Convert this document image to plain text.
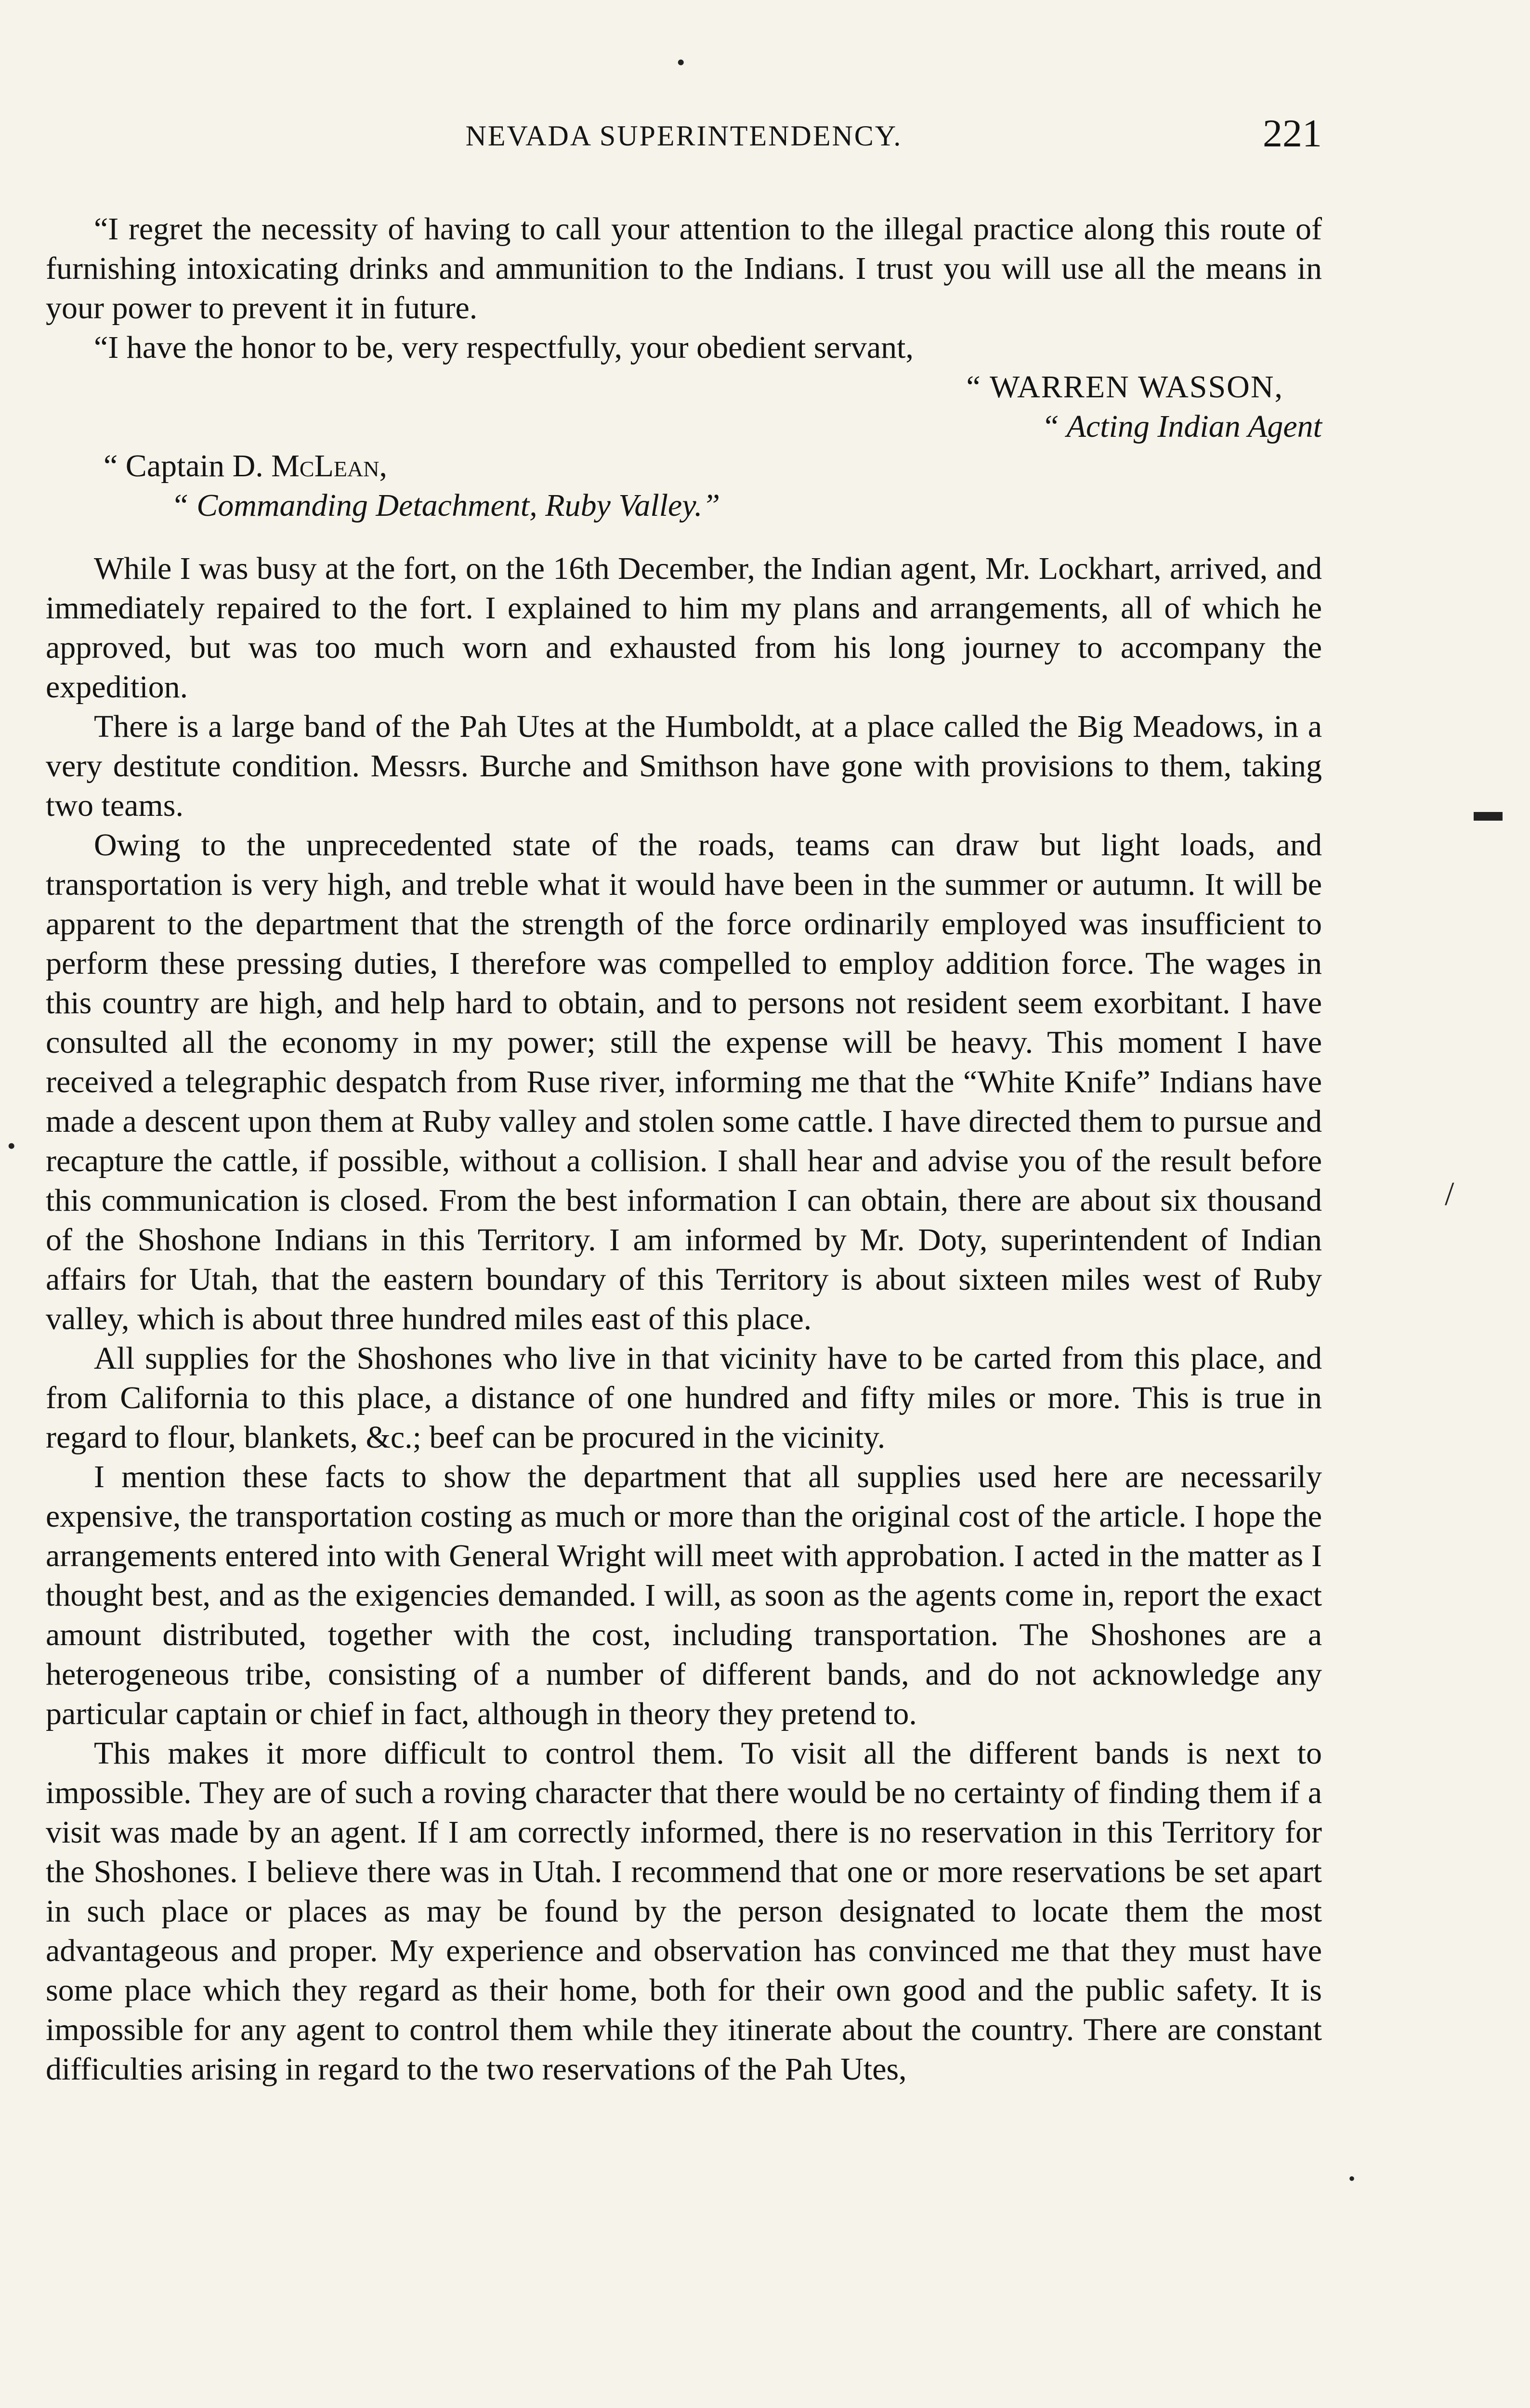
•
NEVADA SUPERINTENDENCY.	221

“I regret the necessity of having to call your attention to the illegal practice along this route of furnishing intoxicating drinks and ammunition to the Indians. I trust you will use all the means in your power to prevent it in future.

“I have the honor to be, very respectfully, your obedient servant,

“ WARREN WASSON,

“ Acting Indian Agent

“ Captain D. McLean,

“ Commanding Detachment, Ruby Valley.”

While I was busy at the fort, on the 16th December, the Indian agent, Mr. Lockhart, arrived, and immediately repaired to the fort. I explained to him my plans and arrangements, all of which he approved, but was too much worn and exhausted from his long journey to accompany the expedition.

There is a large band of the Pah Utes at the Humboldt, at a place called the Big Meadows, in a very destitute condition. Messrs. Burche and Smithson have gone with provisions to them, taking two teams.

Owing to the unprecedented state of the roads, teams can draw but light loads, and transportation is very high, and treble what it would have been in the summer or autumn. It will be apparent to the department that the strength of the force ordinarily employed was insufficient to perform these pressing duties, I therefore was compelled to employ addition force. The wages in this country are high, and help hard to obtain, and to persons not resident seem exorbitant. I have consulted all the economy in my power; still the expense will be heavy. This moment I have received a telegraphic despatch from Ruse river, informing me that the “White Knife” Indians have made a descent upon them at Ruby valley and stolen some cattle. I have directed them to pursue and recapture the cattle, if possible, without a collision. I shall hear and advise you of the result before this communication is closed. From the best information I can obtain, there are about six thousand of the Shoshone Indians in this Territory. I am informed by Mr. Doty, superintendent of Indian affairs for Utah, that the eastern boundary of this Territory is about sixteen miles west of Ruby valley, which is about three hundred miles east of this place.

All supplies for the Shoshones who live in that vicinity have to be carted from this place, and from California to this place, a distance of one hundred and fifty miles or more. This is true in regard to flour, blankets, &c.; beef can be procured in the vicinity.

I mention these facts to show the department that all supplies used here are necessarily expensive, the transportation costing as much or more than the original cost of the article. I hope the arrangements entered into with General Wright will meet with approbation. I acted in the matter as I thought best, and as the exigencies demanded. I will, as soon as the agents come in, report the exact amount distributed, together with the cost, including transportation. The Shoshones are a heterogeneous tribe, consisting of a number of different bands, and do not acknowledge any particular captain or chief in fact, although in theory they pretend to.

This makes it more difficult to control them. To visit all the different bands is next to impossible. They are of such a roving character that there would be no certainty of finding them if a visit was made by an agent. If I am correctly informed, there is no reservation in this Territory for the Shoshones. I believe there was in Utah. I recommend that one or more reservations be set apart in such place or places as may be found by the person designated to locate them the most advantageous and proper. My experience and observation has convinced me that they must have some place which they regard as their home, both for their own good and the public safety. It is impossible for any agent to control them while they itinerate about the country. There are constant difficulties arising in regard to the two reservations of the Pah Utes,

▬
•
/
•
